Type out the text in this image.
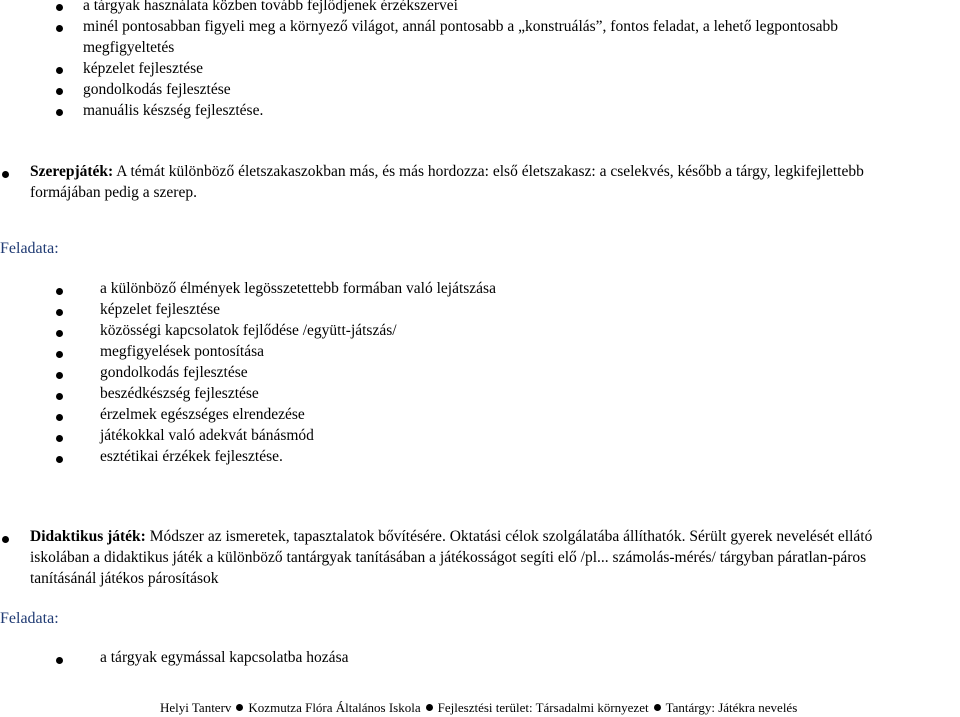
a tárgyak használata közben tovább fejlődjenek érzékszervei
minél pontosabban figyeli meg a környező világot, annál pontosabb a „konstruálás”, fontos feladat, a lehető legpontosabb
megfigyeltetés
képzelet fejlesztése
gondolkodás fejlesztése
manuális készség fejlesztése.
Szerepjáték: A témát különböző életszakaszokban más, és más hordozza: első életszakasz: a cselekvés, később a tárgy, legkifejlettebb
formájában pedig a szerep.
Feladata:
a különböző élmények legösszetettebb formában való lejátszása
képzelet fejlesztése
közösségi kapcsolatok fejlődése /együtt-játszás/
megfigyelések pontosítása
gondolkodás fejlesztése
beszédkészség fejlesztése
érzelmek egészséges elrendezése
játékokkal való adekvát bánásmód
esztétikai érzékek fejlesztése.
Didaktikus játék: Módszer az ismeretek, tapasztalatok bővítésére. Oktatási célok szolgálatába állíthatók. Sérült gyerek nevelését ellátó
iskolában a didaktikus játék a különböző tantárgyak tanításában a játékosságot segíti elő /pl... számolás-mérés/ tárgyban páratlan-páros
tanításánál játékos párosítások
Feladata:
a tárgyak egymással kapcsolatba hozása
Helyi Tanterv Kozmutza Flóra Általános Iskola Fejlesztési terület: Társadalmi környezet Tantárgy: Játékra nevelés
